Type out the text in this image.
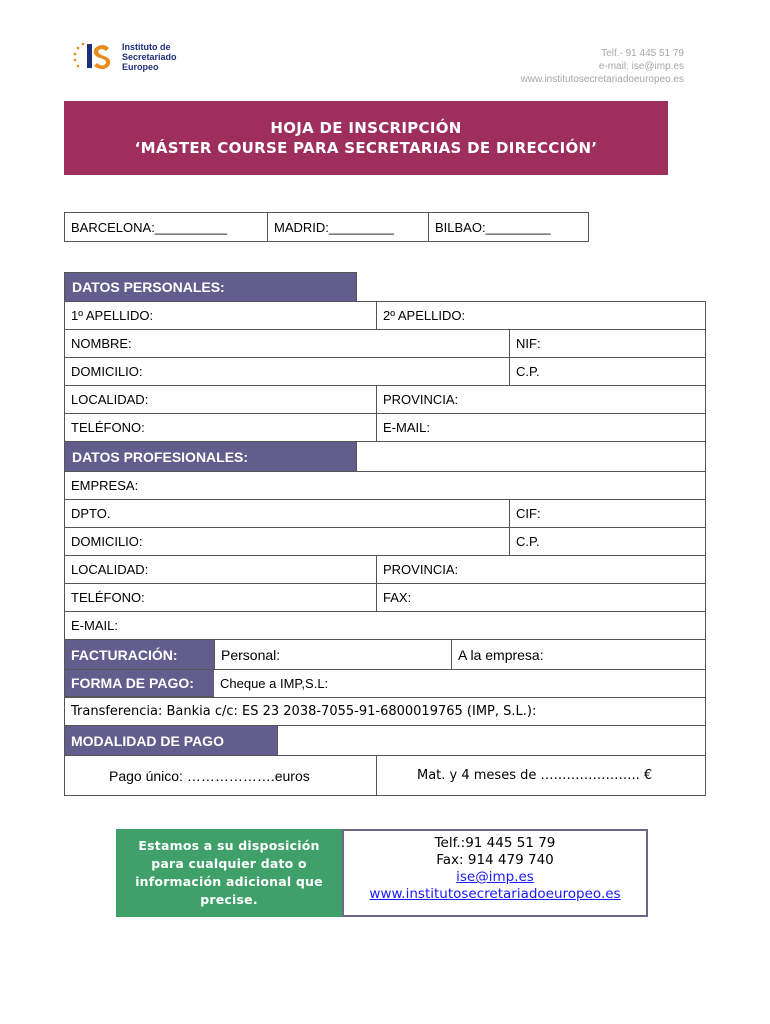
Instituto de
Secretariado
Europeo
Telf.- 91 445 51 79
e-mail: ise@imp.es
www.institutosecretariadoeuropeo.es
HOJA DE INSCRIPCIÓN
‘MÁSTER COURSE PARA SECRETARIAS DE DIRECCIÓN’
BARCELONA:__________	MADRID:_________	BILBAO:_________
DATOS PERSONALES:
1º APELLIDO:	2º APELLIDO:
NOMBRE:	NIF:
DOMICILIO:	C.P.
LOCALIDAD:	PROVINCIA:
TELÉFONO:	E-MAIL:
DATOS PROFESIONALES:
EMPRESA:
DPTO.	CIF:
DOMICILIO:	C.P.
LOCALIDAD:	PROVINCIA:
TELÉFONO:	FAX:
E-MAIL:
FACTURACIÓN:	Personal:	A la empresa:
FORMA DE PAGO:	Cheque a IMP,S.L:
Transferencia: Bankia c/c: ES 23 2038-7055-91-6800019765 (IMP, S.L.):
MODALIDAD DE PAGO
Pago único: ……………….euros	Mat. y 4 meses de ………………….. €
Estamos a su disposición
para cualquier dato o
información adicional que
precise.
Telf.:91 445 51 79
Fax: 914 479 740
ise@imp.es
www.institutosecretariadoeuropeo.es
